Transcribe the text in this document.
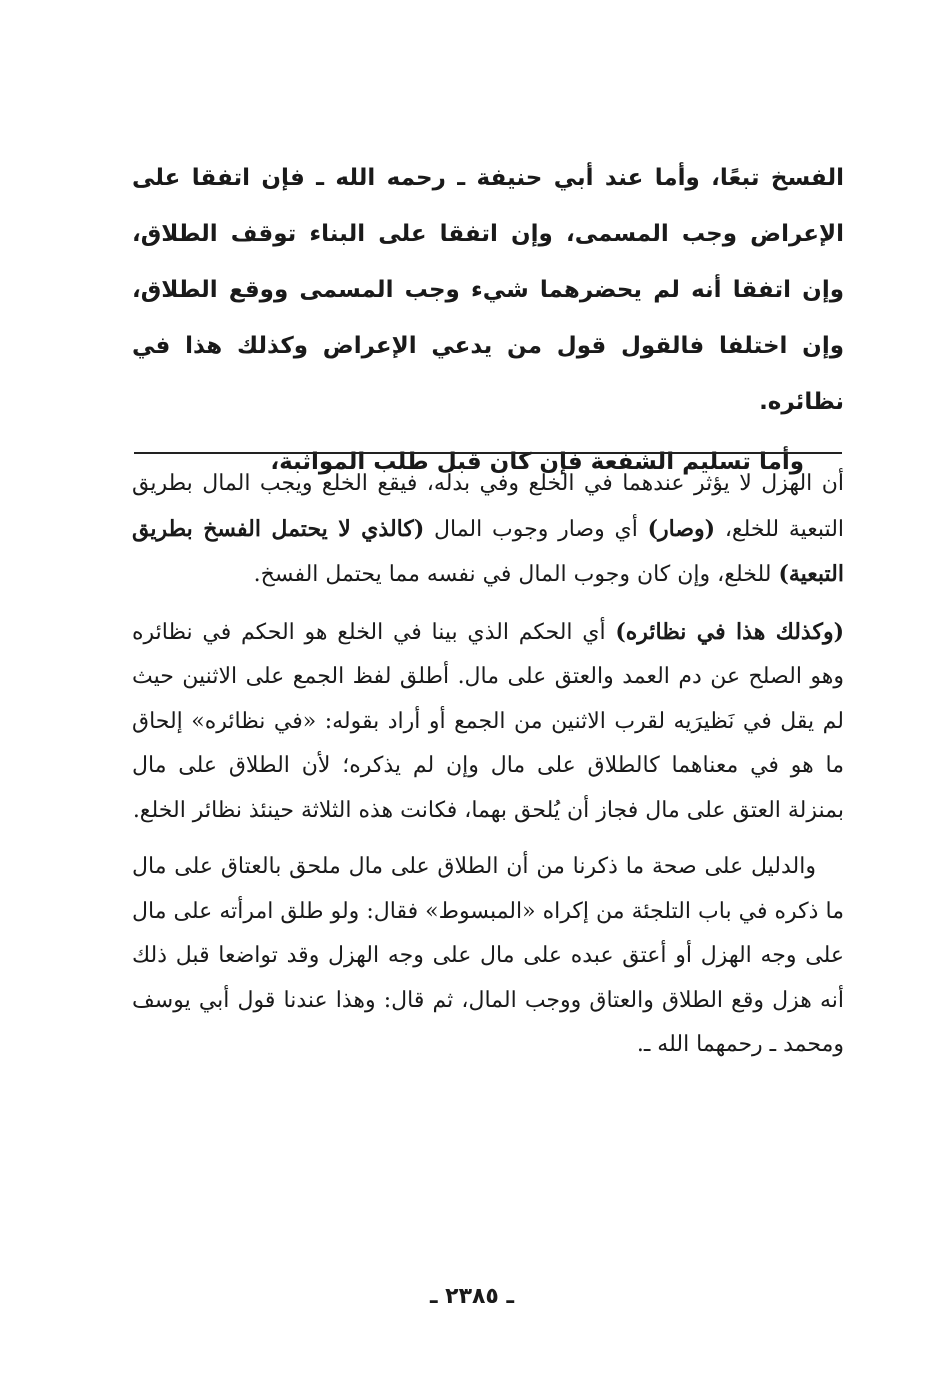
الفسخ تبعًا، وأما عند أبي حنيفة ـ رحمه الله ـ فإن اتفقا على الإعراض وجب المسمى، وإن اتفقا على البناء توقف الطلاق، وإن اتفقا أنه لم يحضرهما شيء وجب المسمى ووقع الطلاق، وإن اختلفا فالقول قول من يدعي الإعراض وكذلك هذا في نظائره.

وأما تسليم الشفعة فإن كان قبل طلب المواثبة،

أن الهزل لا يؤثر عندهما في الخلع وفي بدله، فيقع الخلع ويجب المال بطريق التبعية للخلع، (وصار) أي وصار وجوب المال (كالذي لا يحتمل الفسخ بطريق التبعية) للخلع، وإن كان وجوب المال في نفسه مما يحتمل الفسخ.

(وكذلك هذا في نظائره) أي الحكم الذي بينا في الخلع هو الحكم في نظائره وهو الصلح عن دم العمد والعتق على مال. أطلق لفظ الجمع على الاثنين حيث لم يقل في نَظيرَيه لقرب الاثنين من الجمع أو أراد بقوله: «في نظائره» إلحاق ما هو في معناهما كالطلاق على مال وإن لم يذكره؛ لأن الطلاق على مال بمنزلة العتق على مال فجاز أن يُلحق بهما، فكانت هذه الثلاثة حينئذ نظائر الخلع.

والدليل على صحة ما ذكرنا من أن الطلاق على مال ملحق بالعتاق على مال ما ذكره في باب التلجئة من إكراه «المبسوط» فقال: ولو طلق امرأته على مال على وجه الهزل أو أعتق عبده على مال على وجه الهزل وقد تواضعا قبل ذلك أنه هزل وقع الطلاق والعتاق ووجب المال، ثم قال: وهذا عندنا قول أبي يوسف ومحمد ـ رحمهما الله ـ.

ـ ٢٣٨٥ ـ
